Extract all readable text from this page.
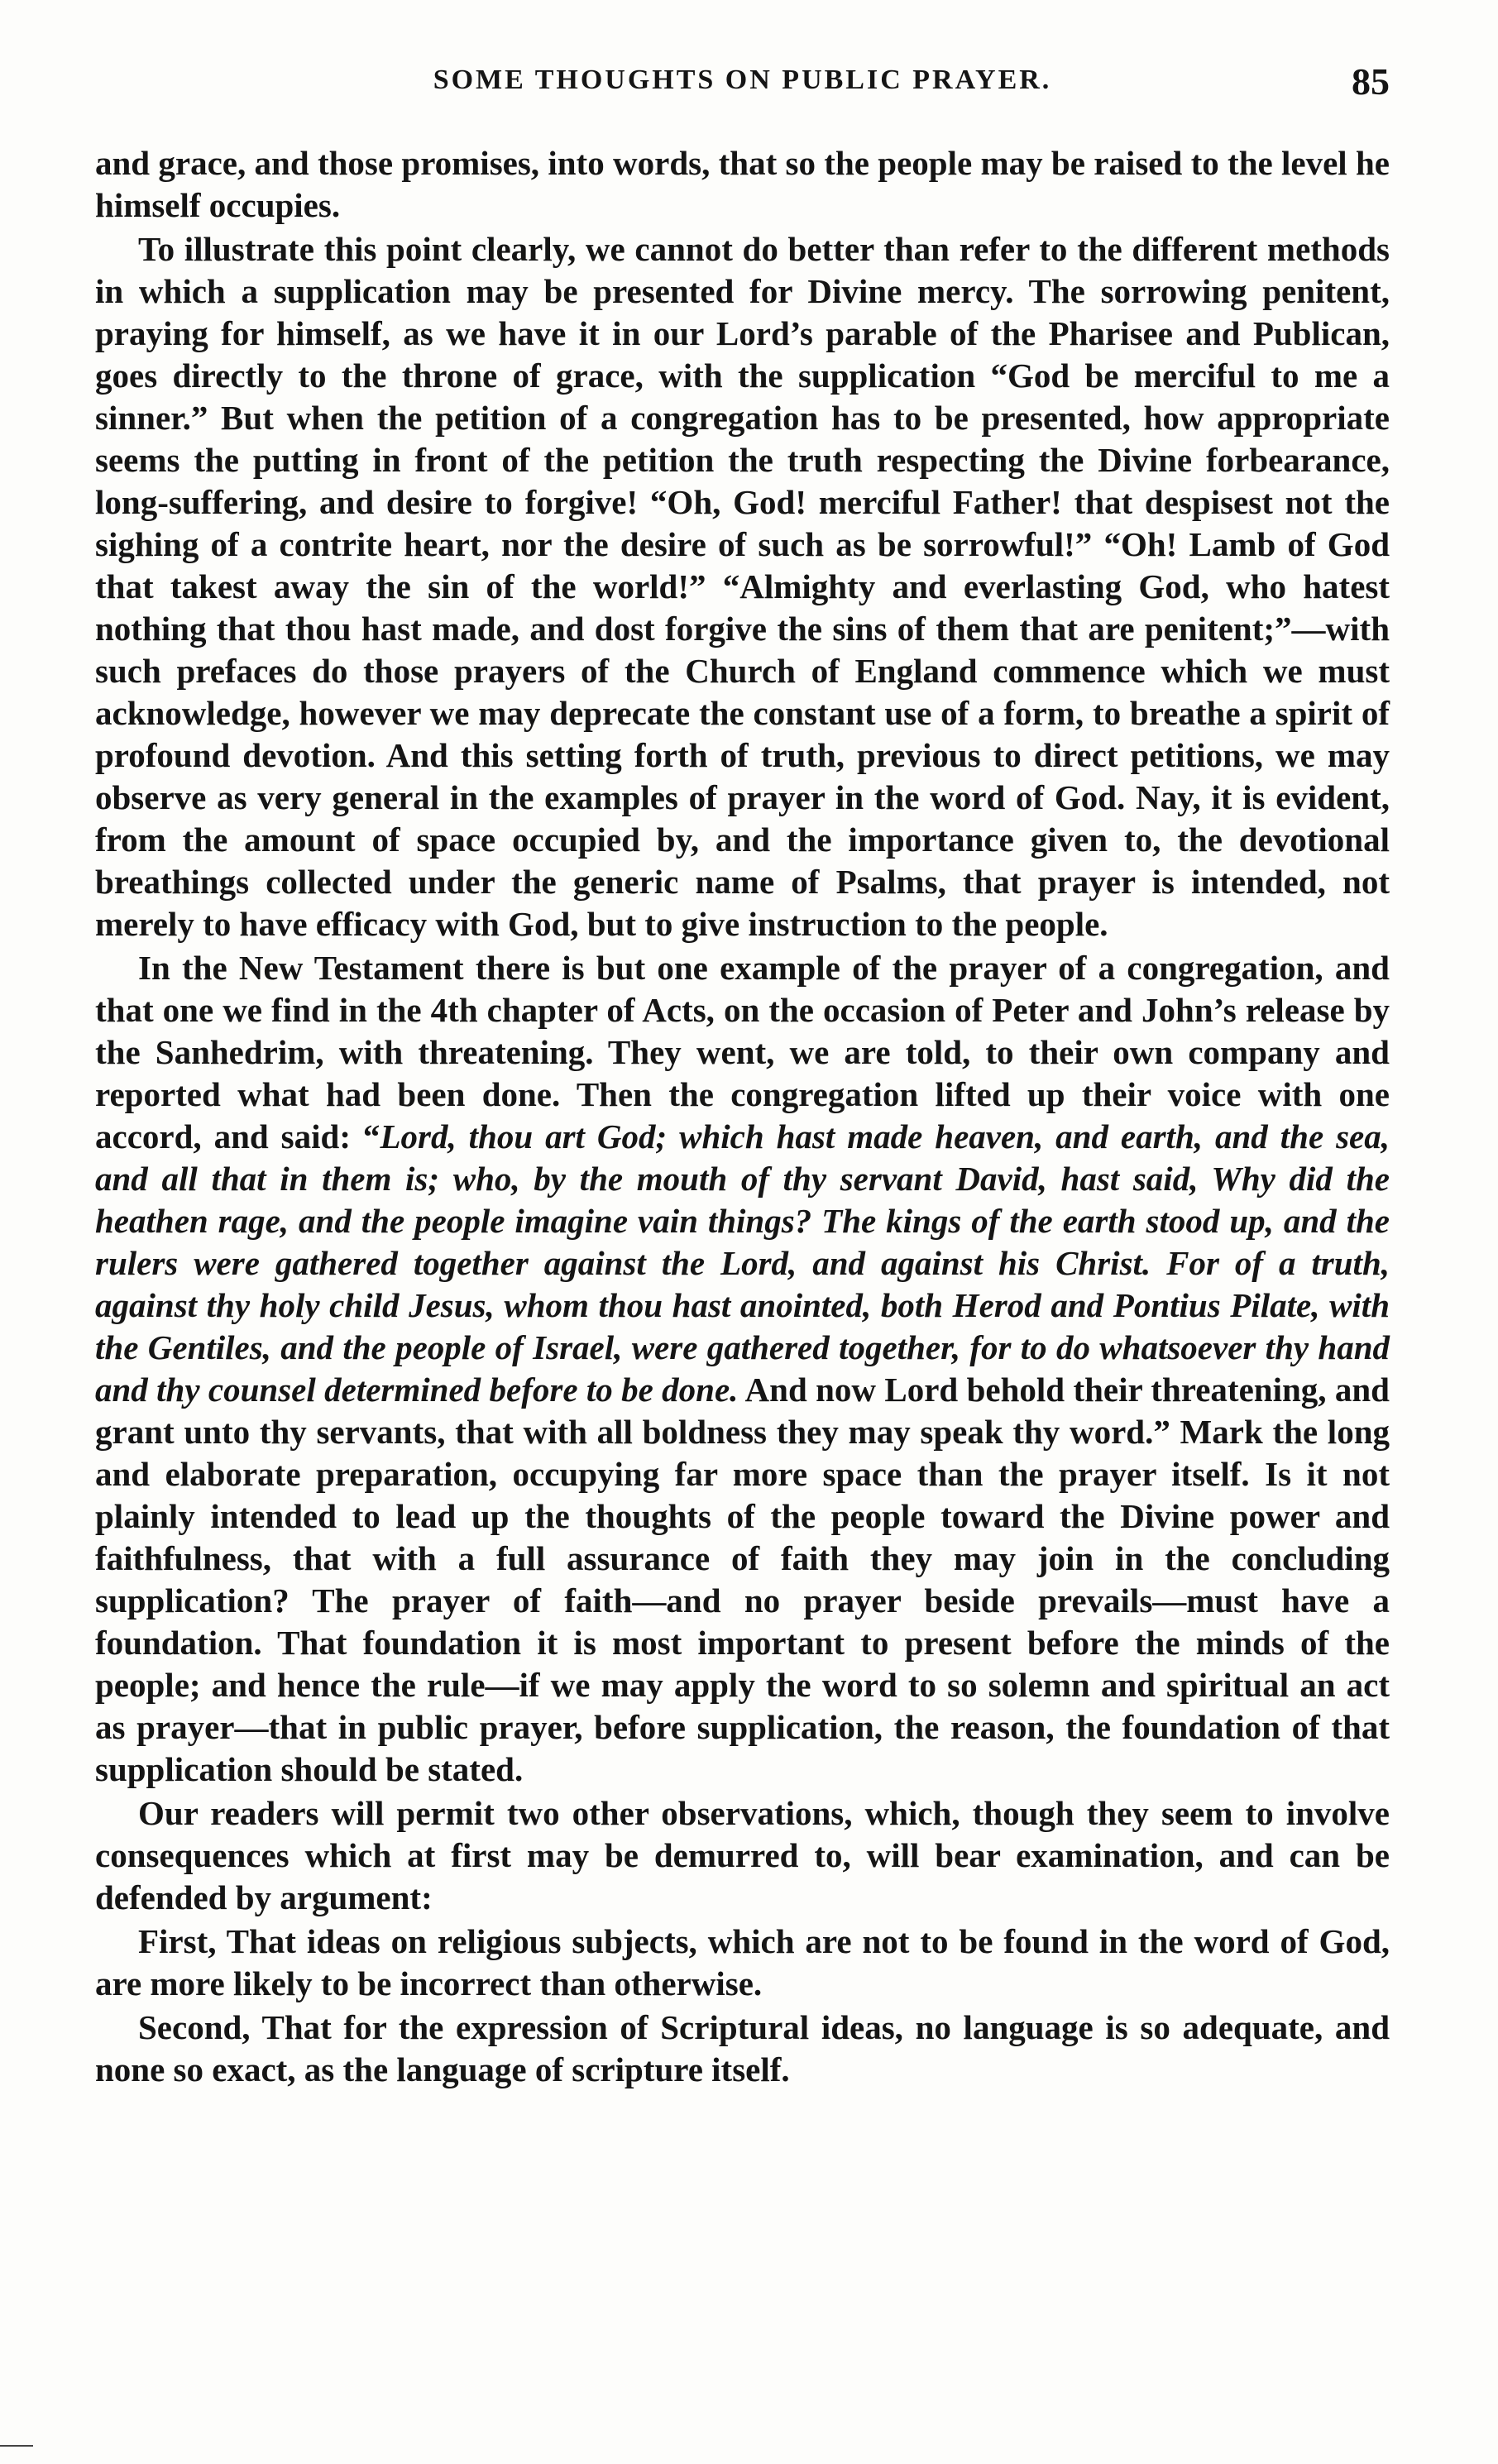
SOME THOUGHTS ON PUBLIC PRAYER.	85

and grace, and those promises, into words, that so the people may be raised to the level he himself occupies.

To illustrate this point clearly, we cannot do better than refer to the different methods in which a supplication may be presented for Divine mercy. The sorrowing penitent, praying for himself, as we have it in our Lord’s parable of the Pharisee and Publican, goes directly to the throne of grace, with the supplication “God be merciful to me a sinner.” But when the petition of a congregation has to be presented, how appropriate seems the putting in front of the petition the truth respecting the Divine forbearance, long-suffering, and desire to forgive! “Oh, God! merciful Father! that despisest not the sighing of a contrite heart, nor the desire of such as be sorrowful!” “Oh! Lamb of God that takest away the sin of the world!” “Almighty and everlasting God, who hatest nothing that thou hast made, and dost forgive the sins of them that are penitent;”—with such prefaces do those prayers of the Church of England commence which we must acknowledge, however we may deprecate the constant use of a form, to breathe a spirit of profound devotion. And this setting forth of truth, previous to direct petitions, we may observe as very general in the examples of prayer in the word of God. Nay, it is evident, from the amount of space occupied by, and the importance given to, the devotional breathings collected under the generic name of Psalms, that prayer is intended, not merely to have efficacy with God, but to give instruction to the people.

In the New Testament there is but one example of the prayer of a congregation, and that one we find in the 4th chapter of Acts, on the occasion of Peter and John’s release by the Sanhedrim, with threatening. They went, we are told, to their own company and reported what had been done. Then the congregation lifted up their voice with one accord, and said: “Lord, thou art God; which hast made heaven, and earth, and the sea, and all that in them is; who, by the mouth of thy servant David, hast said, Why did the heathen rage, and the people imagine vain things? The kings of the earth stood up, and the rulers were gathered together against the Lord, and against his Christ. For of a truth, against thy holy child Jesus, whom thou hast anointed, both Herod and Pontius Pilate, with the Gentiles, and the people of Israel, were gathered together, for to do whatsoever thy hand and thy counsel determined before to be done. And now Lord behold their threatening, and grant unto thy servants, that with all boldness they may speak thy word.” Mark the long and elaborate preparation, occupying far more space than the prayer itself. Is it not plainly intended to lead up the thoughts of the people toward the Divine power and faithfulness, that with a full assurance of faith they may join in the concluding supplication? The prayer of faith—and no prayer beside prevails—must have a foundation. That foundation it is most important to present before the minds of the people; and hence the rule—if we may apply the word to so solemn and spiritual an act as prayer—that in public prayer, before supplication, the reason, the foundation of that supplication should be stated.

Our readers will permit two other observations, which, though they seem to involve consequences which at first may be demurred to, will bear examination, and can be defended by argument:

First, That ideas on religious subjects, which are not to be found in the word of God, are more likely to be incorrect than otherwise.

Second, That for the expression of Scriptural ideas, no language is so adequate, and none so exact, as the language of scripture itself.
